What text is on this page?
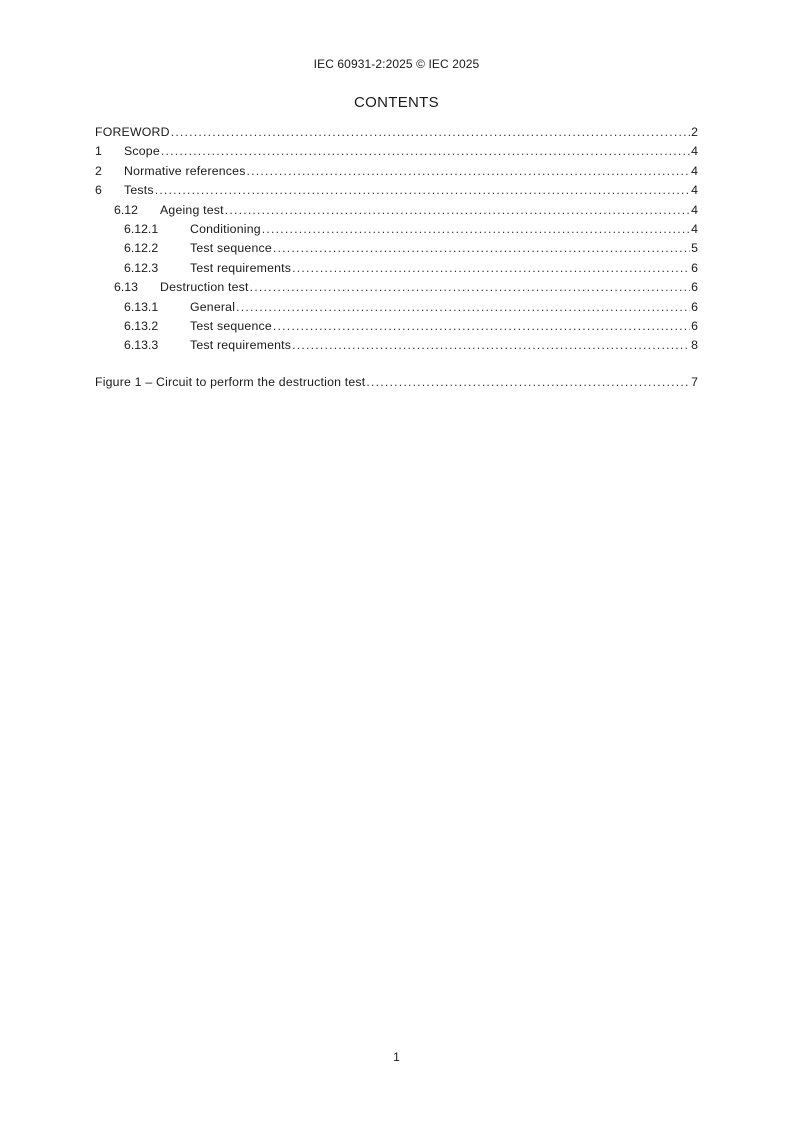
IEC 60931-2:2025 © IEC 2025
CONTENTS
FOREWORD .....	2
1	Scope .....	4
2	Normative references .....	4
6	Tests .....	4
6.12	Ageing test .....	4
6.12.1	Conditioning .....	4
6.12.2	Test sequence .....	5
6.12.3	Test requirements .....	6
6.13	Destruction test .....	6
6.13.1	General .....	6
6.13.2	Test sequence .....	6
6.13.3	Test requirements .....	8
Figure 1 – Circuit to perform the destruction test .....	7
1
